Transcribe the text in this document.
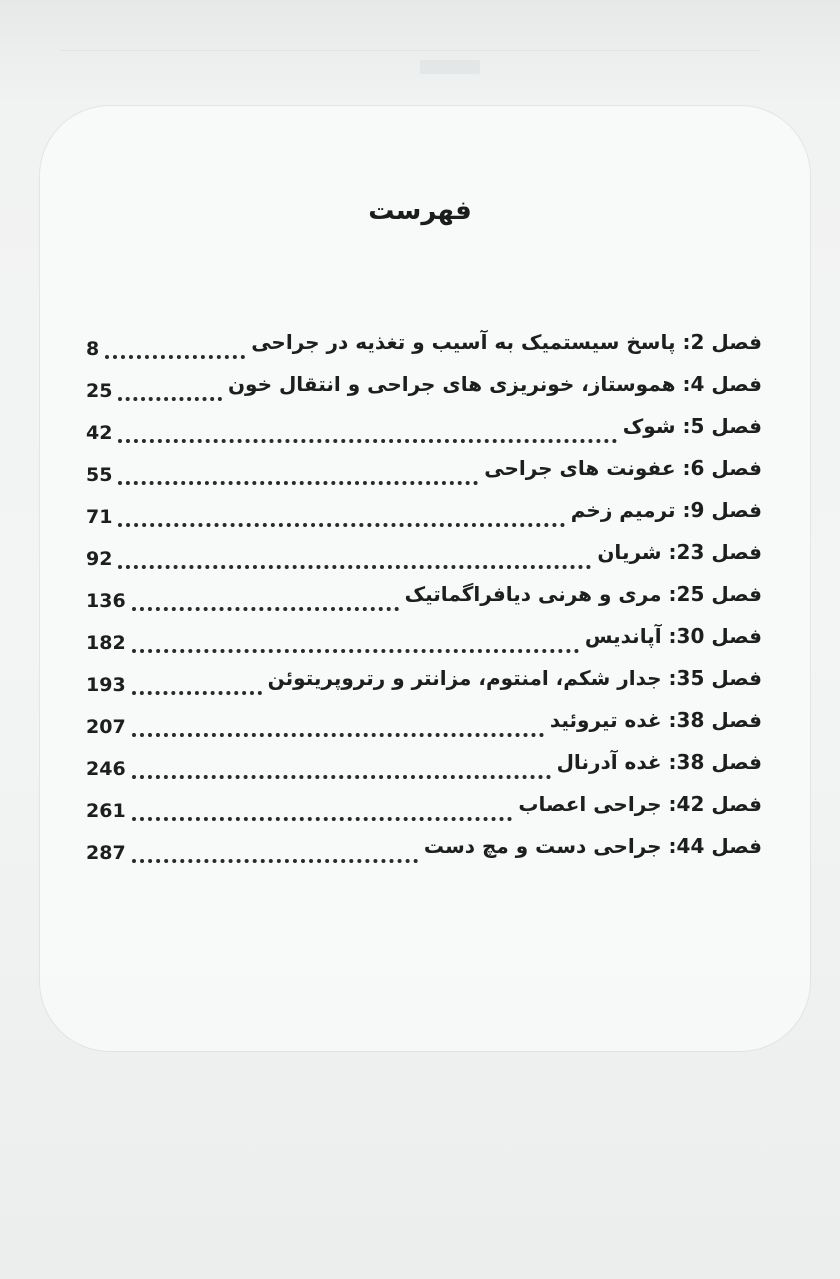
فهرست
فصل 2: پاسخ سیستمیک به آسیب و تغذیه در جراحی
8
فصل 4: هموستاز، خونریزی های جراحی و انتقال خون
25
فصل 5: شوک
42
فصل 6: عفونت های جراحی
55
فصل 9: ترمیم زخم
71
فصل 23: شریان
92
فصل 25: مری و هرنی دیافراگماتیک
136
فصل 30: آپاندیس
182
فصل 35: جدار شکم، امنتوم، مزانتر و رتروپریتوئن
193
فصل 38: غده تیروئید
207
فصل 38: غده آدرنال
246
فصل 42: جراحی اعصاب
261
فصل 44: جراحی دست و مچ دست
287
